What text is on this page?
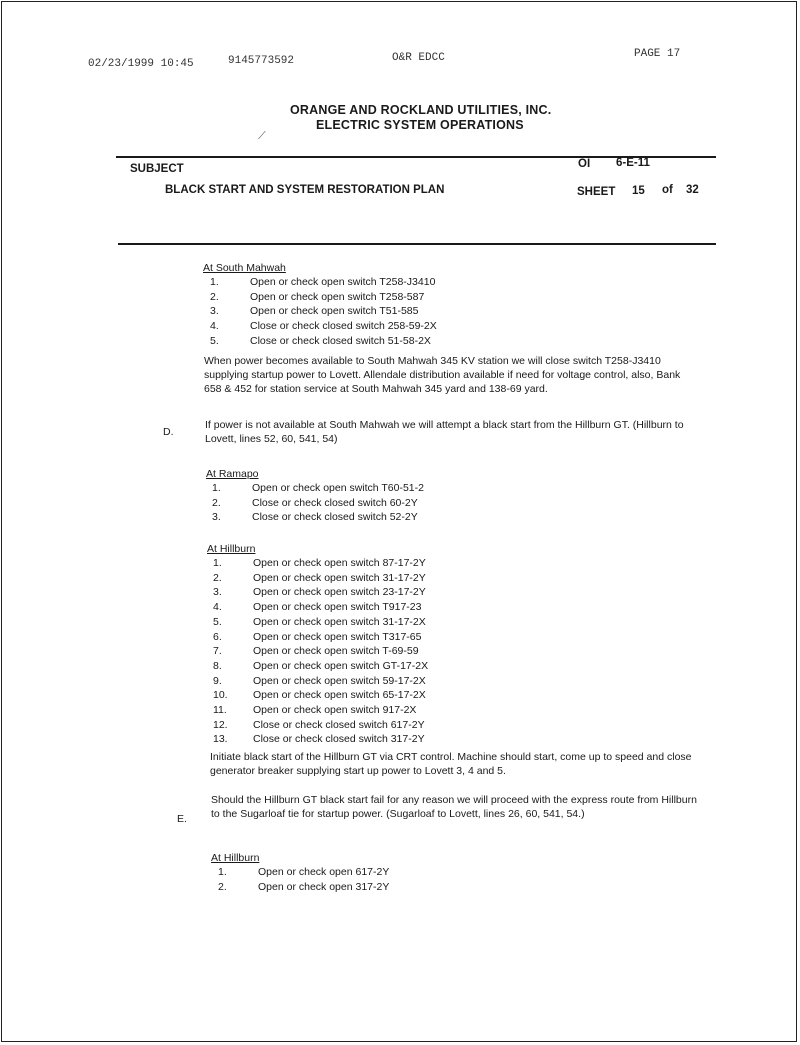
02/23/1999 10:45	9145773592	O&R EDCC	PAGE 17
ORANGE AND ROCKLAND UTILITIES, INC.
ELECTRIC SYSTEM OPERATIONS
⟋
SUBJECT	OI 6-E-11
BLACK START AND SYSTEM RESTORATION PLAN	SHEET 15 of 32
At South Mahwah
1.	Open or check open switch T258-J3410
2.	Open or check open switch T258-587
3.	Open or check open switch T51-585
4.	Close or check closed switch 258-59-2X
5.	Close or check closed switch 51-58-2X
When power becomes available to South Mahwah 345 KV station we will close switch T258-J3410 supplying startup power to Lovett. Allendale distribution available if need for voltage control, also, Bank 658 & 452 for station service at South Mahwah 345 yard and 138-69 yard.
D.
If power is not available at South Mahwah we will attempt a black start from the Hillburn GT. (Hillburn to Lovett, lines 52, 60, 541, 54)
At Ramapo
1.	Open or check open switch T60-51-2
2.	Close or check closed switch 60-2Y
3.	Close or check closed switch 52-2Y
At Hillburn
1.	Open or check open switch 87-17-2Y
2.	Open or check open switch 31-17-2Y
3.	Open or check open switch 23-17-2Y
4.	Open or check open switch T917-23
5.	Open or check open switch 31-17-2X
6.	Open or check open switch T317-65
7.	Open or check open switch T-69-59
8.	Open or check open switch GT-17-2X
9.	Open or check open switch 59-17-2X
10.	Open or check open switch 65-17-2X
11.	Open or check open switch 917-2X
12.	Close or check closed switch 617-2Y
13.	Close or check closed switch 317-2Y
Initiate black start of the Hillburn GT via CRT control. Machine should start, come up to speed and close generator breaker supplying start up power to Lovett 3, 4 and 5.
E.
Should the Hillburn GT black start fail for any reason we will proceed with the express route from Hillburn to the Sugarloaf tie for startup power. (Sugarloaf to Lovett, lines 26, 60, 541, 54.)
At Hillburn
1.	Open or check open 617-2Y
2.	Open or check open 317-2Y
